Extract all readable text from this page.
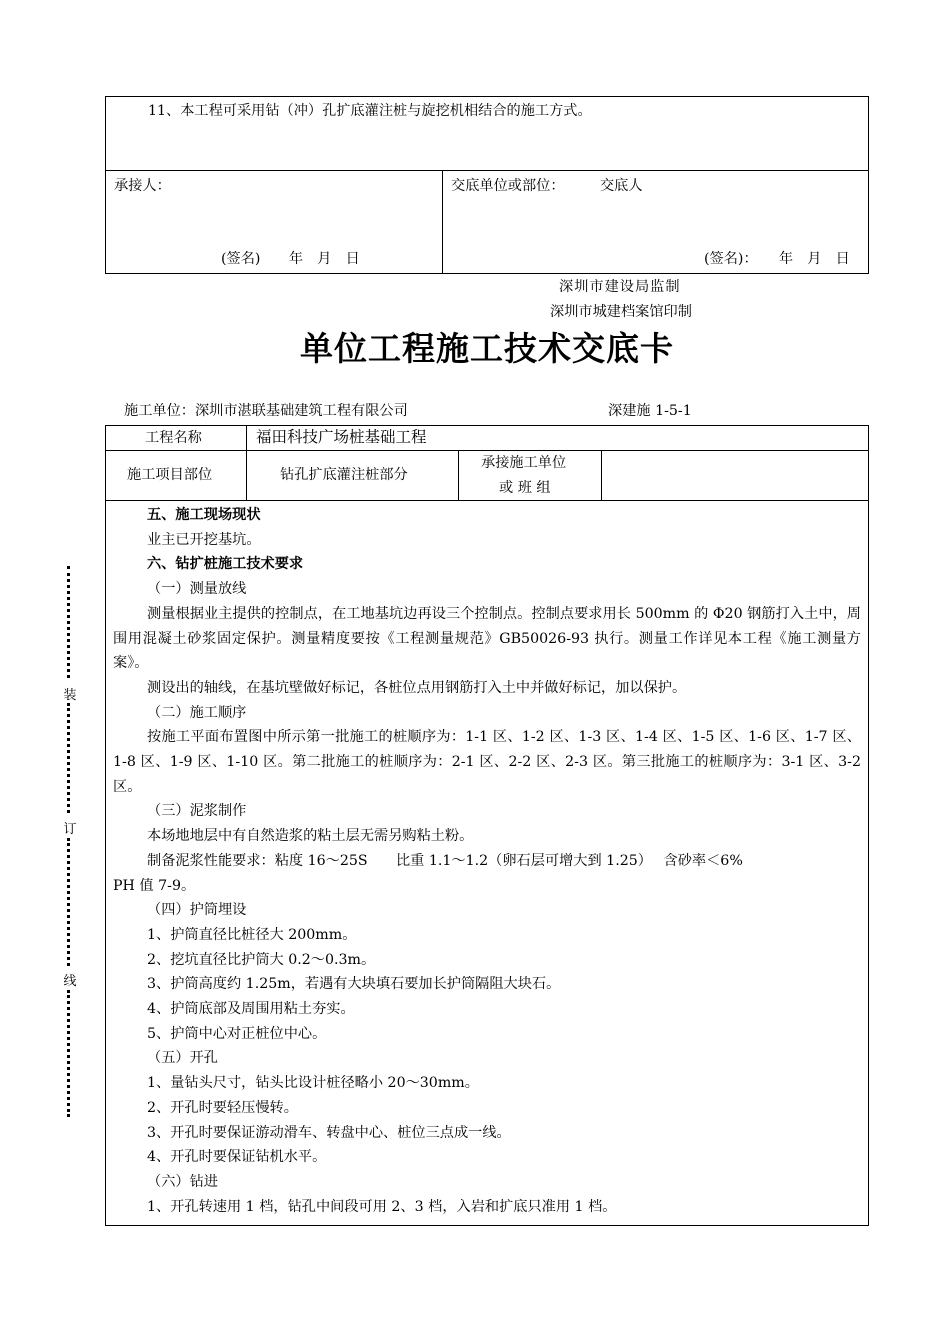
11、本工程可采用钻（冲）孔扩底灌注桩与旋挖机相结合的施工方式。
承接人：
(签名)　　年　月　日
交底单位或部位：　　　交底人
(签名)：　　年　月　日
深圳市建设局监制
深圳市城建档案馆印制
单位工程施工技术交底卡
施工单位：深圳市湛联基础建筑工程有限公司	深建施 1-5-1
工程名称	福田科技广场桩基础工程
施工项目部位	钻孔扩底灌注桩部分
承接施工单位
或 班 组
装
订
线

五、施工现场现状

业主已开挖基坑。

六、钻扩桩施工技术要求

（一）测量放线

测量根据业主提供的控制点，在工地基坑边再设三个控制点。控制点要求用长 500mm 的 Φ20 钢筋打入土中，周围用混凝土砂浆固定保护。测量精度要按《工程测量规范》GB50026-93 执行。测量工作详见本工程《施工测量方案》。

测设出的轴线，在基坑壁做好标记，各桩位点用钢筋打入土中并做好标记，加以保护。

（二）施工顺序

按施工平面布置图中所示第一批施工的桩顺序为：1-1 区、1-2 区、1-3 区、1-4 区、1-5 区、1-6 区、1-7 区、1-8 区、1-9 区、1-10 区。第二批施工的桩顺序为：2-1 区、2-2 区、2-3 区。第三批施工的桩顺序为：3-1 区、3-2 区。

（三）泥浆制作

本场地地层中有自然造浆的粘土层无需另购粘土粉。

制备泥浆性能要求：粘度 16～25S　　比重 1.1～1.2（卵石层可增大到 1.25）　 含砂率＜6%

PH 值 7-9。

（四）护筒埋设

1、护筒直径比桩径大 200mm。

2、挖坑直径比护筒大 0.2～0.3m。

3、护筒高度约 1.25m，若遇有大块填石要加长护筒隔阻大块石。

4、护筒底部及周围用粘土夯实。

5、护筒中心对正桩位中心。

（五）开孔

1、量钻头尺寸，钻头比设计桩径略小 20～30mm。

2、开孔时要轻压慢转。

3、开孔时要保证游动滑车、转盘中心、桩位三点成一线。

4、开孔时要保证钻机水平。

（六）钻进

1、开孔转速用 1 档，钻孔中间段可用 2、3 档，入岩和扩底只准用 1 档。
